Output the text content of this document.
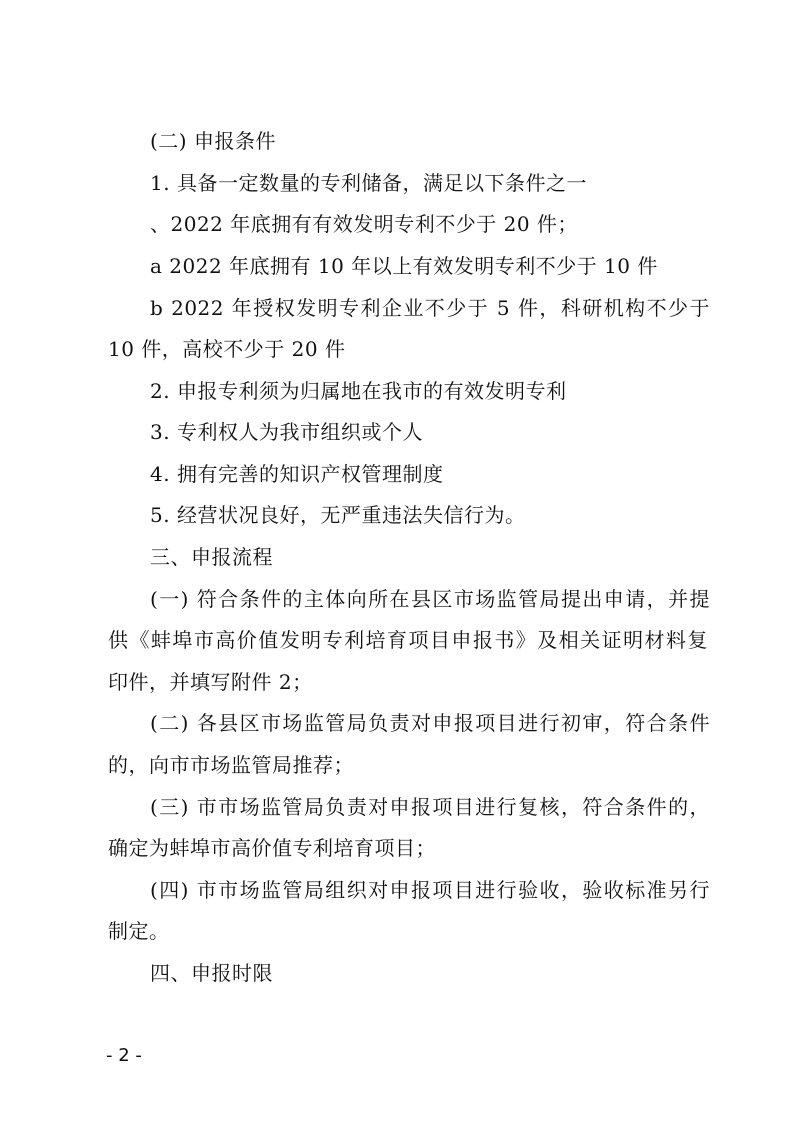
(二) 申报条件
1. 具备一定数量的专利储备，满足以下条件之一
、2022 年底拥有有效发明专利不少于 20 件；
a 2022 年底拥有 10 年以上有效发明专利不少于 10 件
b 2022 年授权发明专利企业不少于 5 件，科研机构不少于
10 件，高校不少于 20 件
2. 申报专利须为归属地在我市的有效发明专利
3. 专利权人为我市组织或个人
4. 拥有完善的知识产权管理制度
5. 经营状况良好，无严重违法失信行为。
三、申报流程
(一) 符合条件的主体向所在县区市场监管局提出申请，并提
供《蚌埠市高价值发明专利培育项目申报书》及相关证明材料复
印件，并填写附件 2；
(二) 各县区市场监管局负责对申报项目进行初审，符合条件
的，向市市场监管局推荐；
(三) 市市场监管局负责对申报项目进行复核，符合条件的，
确定为蚌埠市高价值专利培育项目；
(四) 市市场监管局组织对申报项目进行验收，验收标准另行
制定。
四、申报时限
- 2 -
